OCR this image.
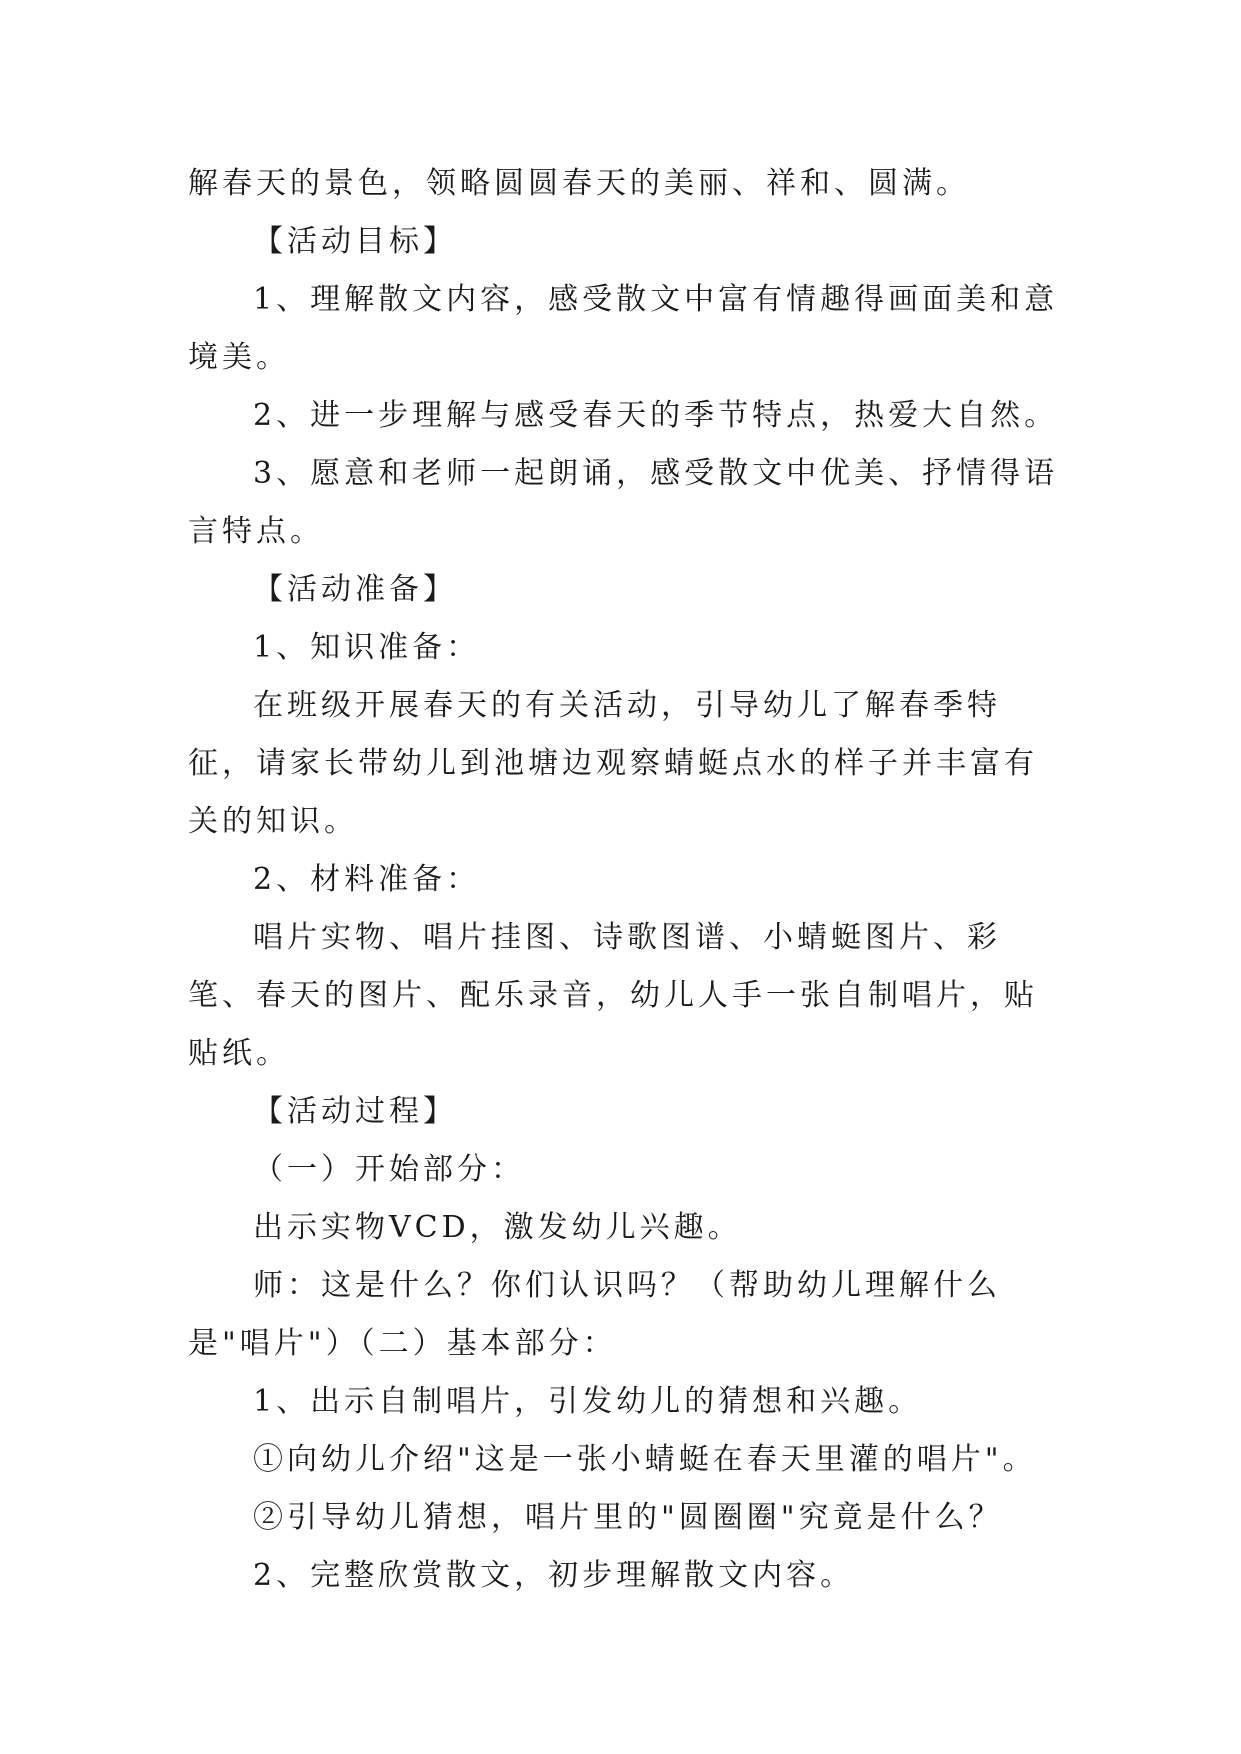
解春天的景色，领略圆圆春天的美丽、祥和、圆满。

【活动目标】

1、理解散文内容，感受散文中富有情趣得画面美和意境美。

2、进一步理解与感受春天的季节特点，热爱大自然。

3、愿意和老师一起朗诵，感受散文中优美、抒情得语言特点。

【活动准备】

1、知识准备：

在班级开展春天的有关活动，引导幼儿了解春季特征，请家长带幼儿到池塘边观察蜻蜓点水的样子并丰富有关的知识。

2、材料准备：

唱片实物、唱片挂图、诗歌图谱、小蜻蜓图片、彩笔、春天的图片、配乐录音，幼儿人手一张自制唱片，贴贴纸。

【活动过程】

（一）开始部分：

出示实物VCD，激发幼儿兴趣。

师：这是什么？你们认识吗？（帮助幼儿理解什么是"唱片"）（二）基本部分：

1、出示自制唱片，引发幼儿的猜想和兴趣。

①向幼儿介绍"这是一张小蜻蜓在春天里灌的唱片"。

②引导幼儿猜想，唱片里的"圆圈圈"究竟是什么？

2、完整欣赏散文，初步理解散文内容。
